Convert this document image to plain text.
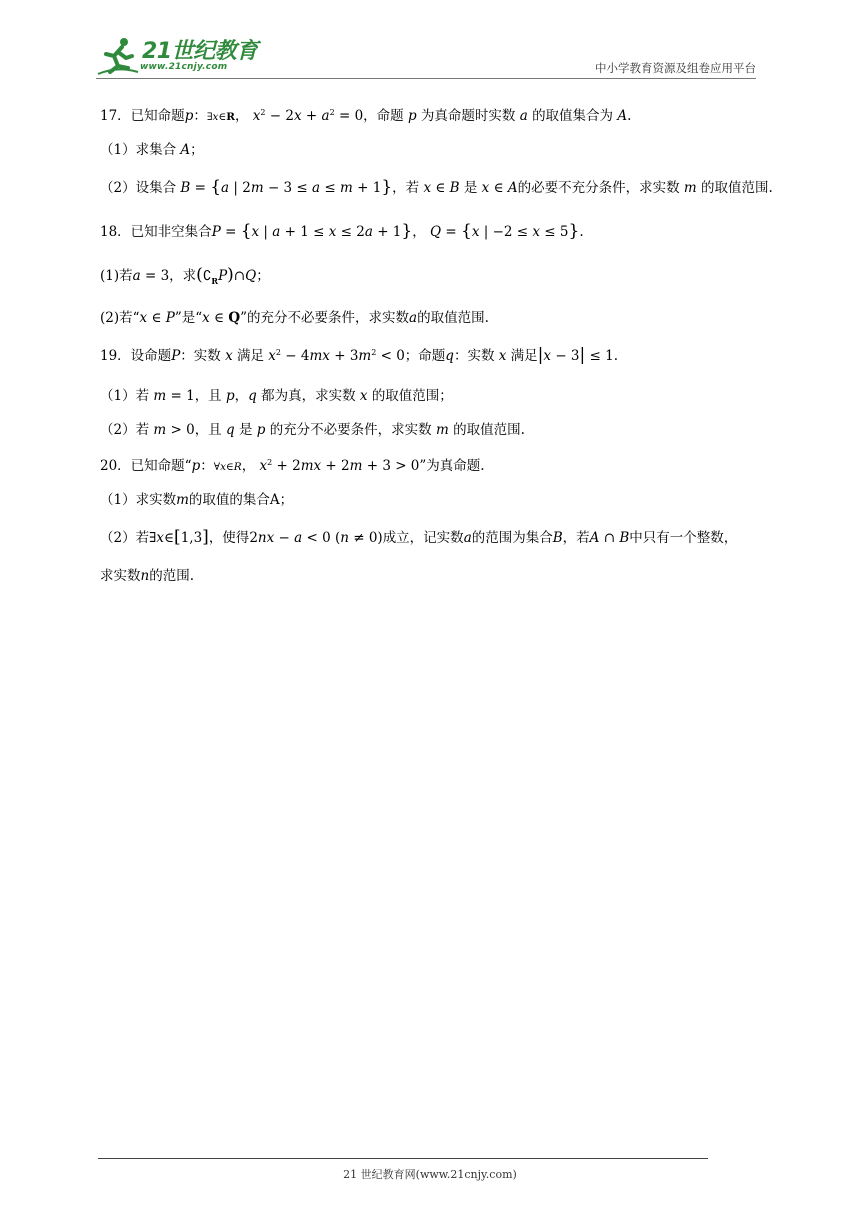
21世纪教育
www.21cnjy.com	中小学教育资源及组卷应用平台
17．已知命题p：∃x∈R， $x^2 - 2x + a^2 = 0$，命题 p 为真命题时实数 a 的取值集合为 A.
（1）求集合 A；
（2）设集合 B = {a | 2m − 3 ≤ a ≤ m + 1}，若 x ∈ B 是 x ∈ A的必要不充分条件，求实数 m 的取值范围.
18．已知非空集合P = {x | a + 1 ≤ x ≤ 2a + 1}， Q = {x | −2 ≤ x ≤ 5}.
(1)若a = 3，求$(∁_RP)\cap Q$；
(2)若“x ∈ P”是“x ∈ Q”的充分不必要条件，求实数a的取值范围.
19．设命题P：实数 x 满足 $x^2 - 4mx + 3m^2 < 0$；命题q：实数 x 满足|x − 3| ≤ 1.
（1）若 m = 1，且 p，q 都为真，求实数 x 的取值范围；
（2）若 m > 0，且 q 是 p 的充分不必要条件，求实数 m 的取值范围.
20．已知命题“p：∀x∈R， $x^2 + 2mx + 2m + 3 > 0$”为真命题.
（1）求实数m的取值的集合A；
（2）若∃x∈[1,3]，使得2nx − a < 0 (n ≠ 0)成立，记实数a的范围为集合B，若A ∩ B中只有一个整数，
求实数n的范围.
21 世纪教育网(www.21cnjy.com)
